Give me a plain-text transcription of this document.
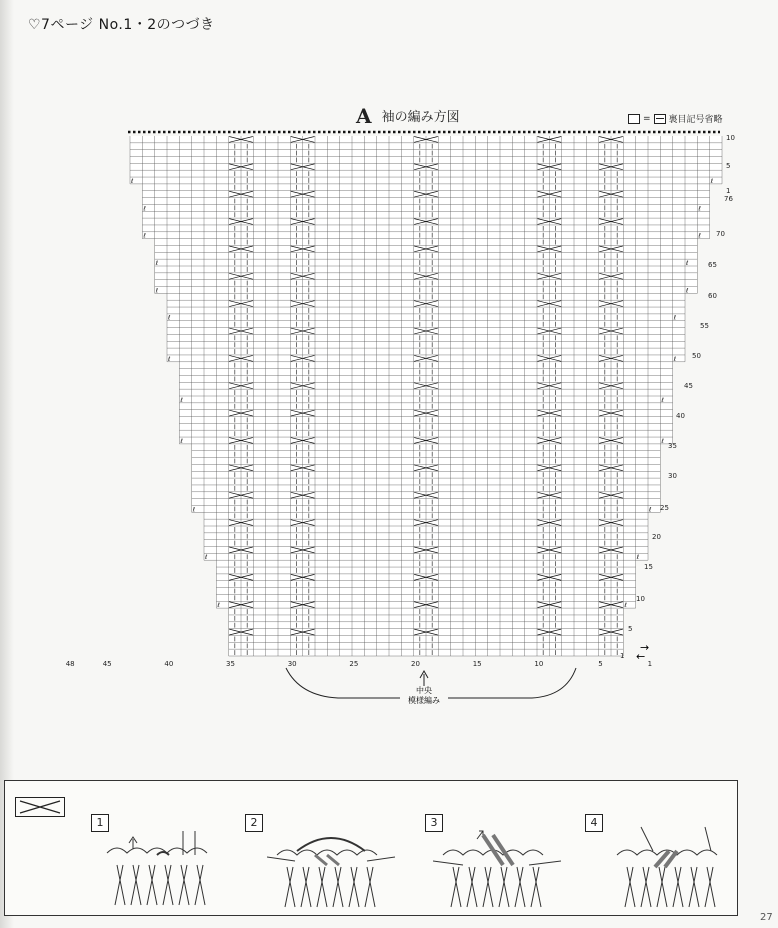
♡7ページ No.1・2のつづき
A 袖の編み方図	= 裏目記号省略
ℓ	ℓ
ℓ	ℓ
ℓ	ℓ
ℓ	ℓ
ℓ	ℓ
ℓ	ℓ
ℓ	ℓ
ℓ	ℓ
ℓ	ℓ
ℓ	ℓ
ℓ	ℓ
ℓ	ℓ
10
5
1
76
70
65
60
55
50
45
40
35
30
25
20
15
10
5
1
48	45	40	35	30	25	20	15	10	5	1
中央
模様編み
→
←
1	2	3	4
27
